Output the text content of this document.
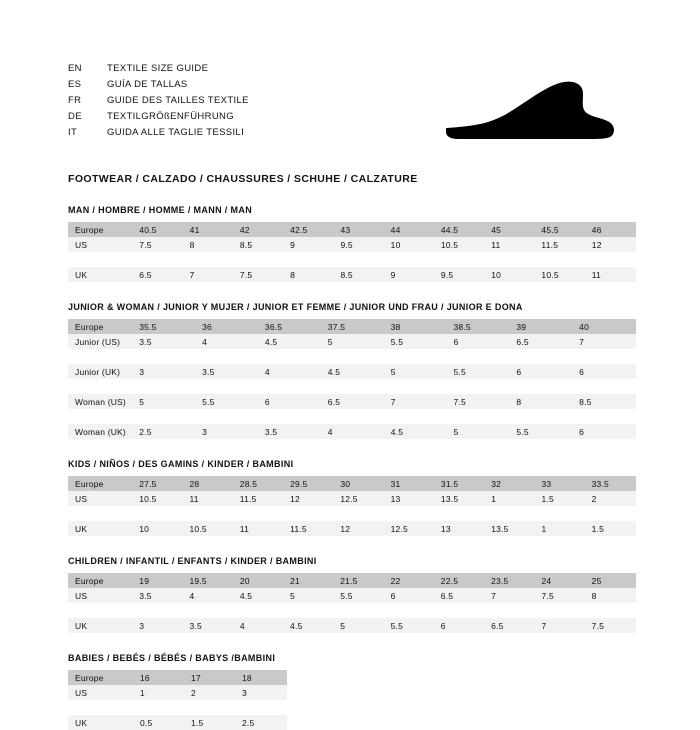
EN	TEXTILE SIZE GUIDE
ES	GUÍA DE TALLAS
FR	GUIDE DES TAILLES TEXTILE
DE	TEXTILGRÖßENFÜHRUNG
IT	GUIDA ALLE TAGLIE TESSILI
FOOTWEAR / CALZADO / CHAUSSURES / SCHUHE / CALZATURE
MAN / HOMBRE / HOMME / MANN / MAN
Europe	40.5	41	42	42.5	43	44	44.5	45	45.5	46
US	7.5	8	8.5	9	9.5	10	10.5	11	11.5	12

UK	6.5	7	7.5	8	8.5	9	9.5	10	10.5	11
JUNIOR & WOMAN / JUNIOR Y MUJER / JUNIOR ET FEMME / JUNIOR UND FRAU / JUNIOR E DONA
Europe	35.5	36	36.5	37.5	38	38.5	39	40
Junior (US)	3.5	4	4.5	5	5.5	6	6.5	7

Junior (UK)	3	3.5	4	4.5	5	5.5	6	6

Woman (US)	5	5.5	6	6.5	7	7.5	8	8.5

Woman (UK)	2.5	3	3.5	4	4.5	5	5.5	6
KIDS / NIÑOS / DES GAMINS / KINDER / BAMBINI
Europe	27.5	28	28.5	29.5	30	31	31.5	32	33	33.5
US	10.5	11	11.5	12	12.5	13	13.5	1	1.5	2

UK	10	10.5	11	11.5	12	12.5	13	13.5	1	1.5
CHILDREN / INFANTIL / ENFANTS / KINDER / BAMBINI
Europe	19	19.5	20	21	21.5	22	22.5	23.5	24	25
US	3.5	4	4.5	5	5.5	6	6.5	7	7.5	8

UK	3	3.5	4	4.5	5	5.5	6	6.5	7	7.5
BABIES / BEBÉS / BÉBÉS / BABYS /BAMBINI
Europe	16	17	18
US	1	2	3

UK	0.5	1.5	2.5
